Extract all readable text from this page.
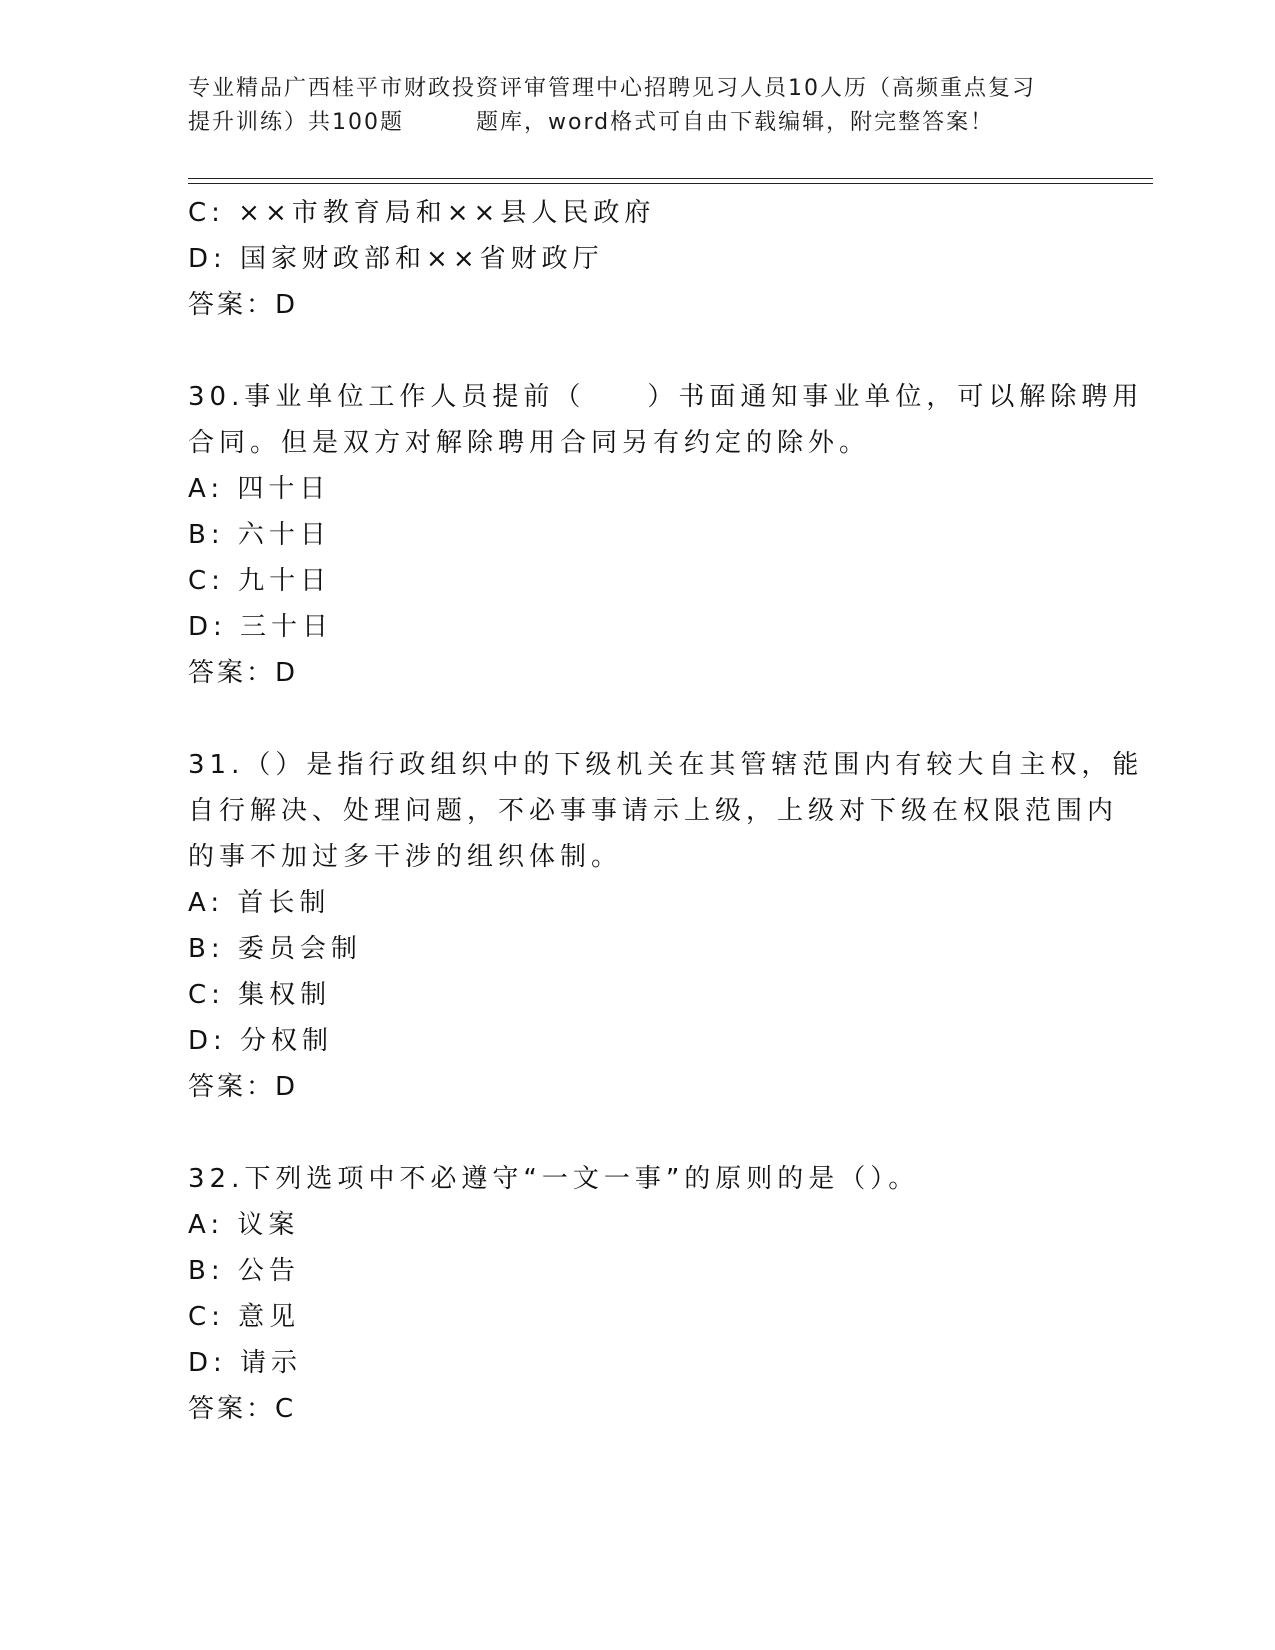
专业精品广西桂平市财政投资评审管理中心招聘见习人员10人历（高频重点复习
提升训练）共100题　　　题库，word格式可自由下载编辑，附完整答案！

C: ××市教育局和××县人民政府

D: 国家财政部和××省财政厅

答案：D

30.事业单位工作人员提前（　　）书面通知事业单位，可以解除聘用

合同。但是双方对解除聘用合同另有约定的除外。

A: 四十日

B: 六十日

C: 九十日

D: 三十日

答案：D

31.（）是指行政组织中的下级机关在其管辖范围内有较大自主权，能

自行解决、处理问题，不必事事请示上级，上级对下级在权限范围内

的事不加过多干涉的组织体制。

A: 首长制

B: 委员会制

C: 集权制

D: 分权制

答案：D

32.下列选项中不必遵守“一文一事”的原则的是（）。

A: 议案

B: 公告

C: 意见

D: 请示

答案：C
